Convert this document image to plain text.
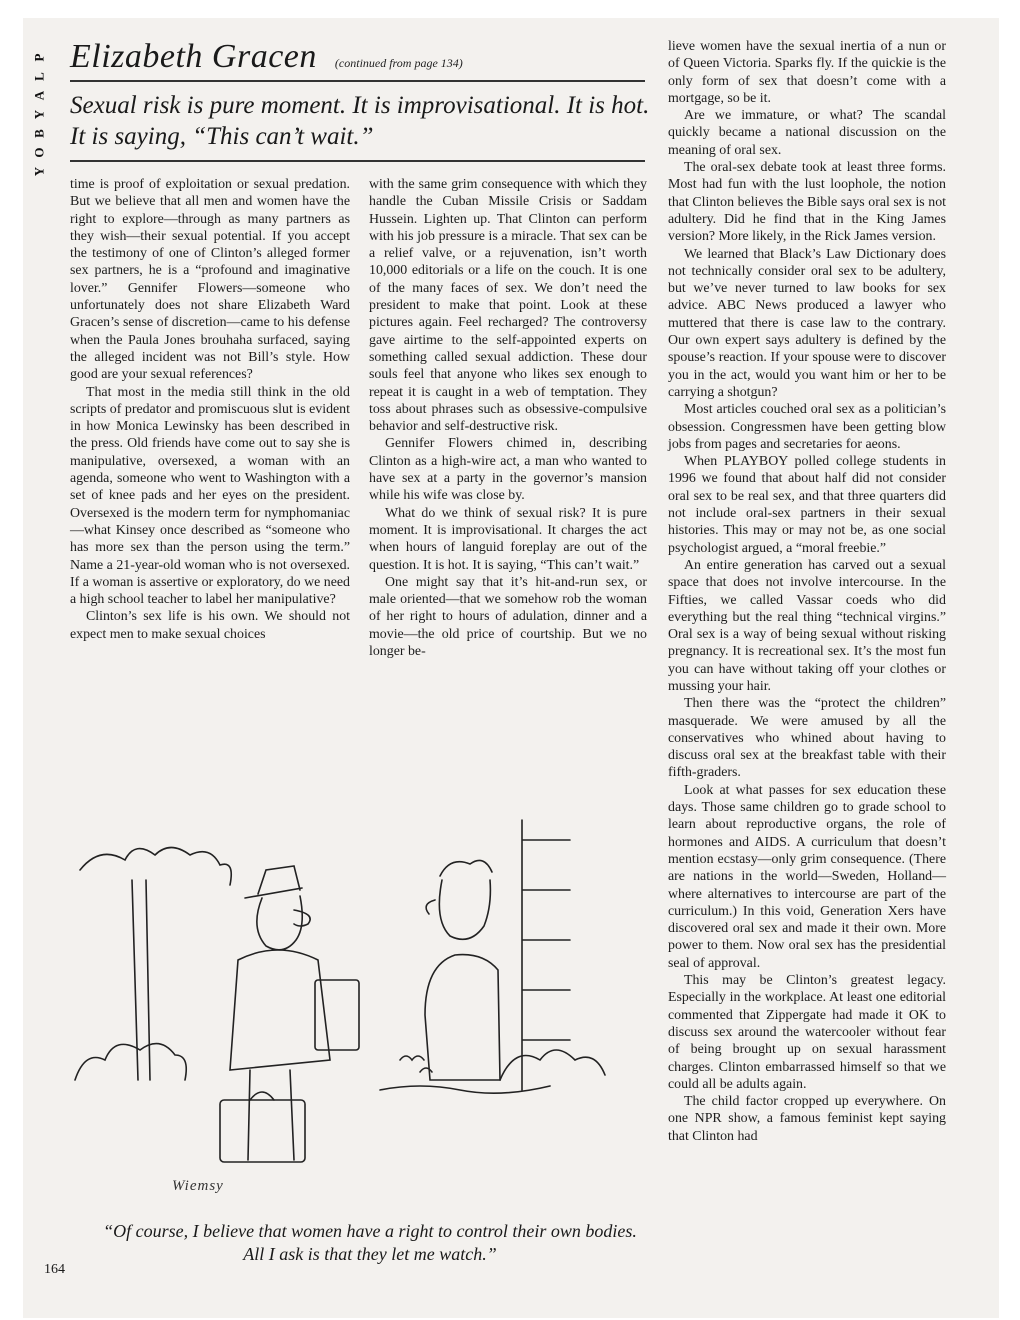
P
L
A
Y
B
O
Y
Elizabeth Gracen (continued from page 134)
Sexual risk is pure moment. It is improvisational. It is hot. It is saying, “This can’t wait.”

time is proof of exploitation or sexual predation. But we believe that all men and women have the right to explore—through as many partners as they wish—their sexual potential. If you accept the testimony of one of Clinton’s alleged former sex partners, he is a “profound and imaginative lover.” Gennifer Flowers—someone who unfortunately does not share Elizabeth Ward Gracen’s sense of discretion—came to his defense when the Paula Jones brouhaha surfaced, saying the alleged incident was not Bill’s style. How good are your sexual references?

That most in the media still think in the old scripts of predator and promiscuous slut is evident in how Monica Lewinsky has been described in the press. Old friends have come out to say she is manipulative, oversexed, a woman with an agenda, someone who went to Washington with a set of knee pads and her eyes on the president. Oversexed is the modern term for nymphomaniac—what Kinsey once described as “someone who has more sex than the person using the term.” Name a 21-year-old woman who is not oversexed. If a woman is assertive or exploratory, do we need a high school teacher to label her manipulative?

Clinton’s sex life is his own. We should not expect men to make sexual choices

with the same grim consequence with which they handle the Cuban Missile Crisis or Saddam Hussein. Lighten up. That Clinton can perform with his job pressure is a miracle. That sex can be a relief valve, or a rejuvenation, isn’t worth 10,000 editorials or a life on the couch. It is one of the many faces of sex. We don’t need the president to make that point. Look at these pictures again. Feel recharged? The controversy gave airtime to the self-appointed experts on something called sexual addiction. These dour souls feel that anyone who likes sex enough to repeat it is caught in a web of temptation. They toss about phrases such as obsessive-compulsive behavior and self-destructive risk.

Gennifer Flowers chimed in, describing Clinton as a high-wire act, a man who wanted to have sex at a party in the governor’s mansion while his wife was close by.

What do we think of sexual risk? It is pure moment. It is improvisational. It charges the act when hours of languid foreplay are out of the question. It is hot. It is saying, “This can’t wait.”

One might say that it’s hit-and-run sex, or male oriented—that we somehow rob the woman of her right to hours of adulation, dinner and a movie—the old price of courtship. But we no longer be-

lieve women have the sexual inertia of a nun or of Queen Victoria. Sparks fly. If the quickie is the only form of sex that doesn’t come with a mortgage, so be it.

Are we immature, or what? The scandal quickly became a national discussion on the meaning of oral sex.

The oral-sex debate took at least three forms. Most had fun with the lust loophole, the notion that Clinton believes the Bible says oral sex is not adultery. Did he find that in the King James version? More likely, in the Rick James version.

We learned that Black’s Law Dictionary does not technically consider oral sex to be adultery, but we’ve never turned to law books for sex advice. ABC News produced a lawyer who muttered that there is case law to the contrary. Our own expert says adultery is defined by the spouse’s reaction. If your spouse were to discover you in the act, would you want him or her to be carrying a shotgun?

Most articles couched oral sex as a politician’s obsession. Congressmen have been getting blow jobs from pages and secretaries for aeons.

When PLAYBOY polled college students in 1996 we found that about half did not consider oral sex to be real sex, and that three quarters did not include oral-sex partners in their sexual histories. This may or may not be, as one social psychologist argued, a “moral freebie.”

An entire generation has carved out a sexual space that does not involve intercourse. In the Fifties, we called Vassar coeds who did everything but the real thing “technical virgins.” Oral sex is a way of being sexual without risking pregnancy. It is recreational sex. It’s the most fun you can have without taking off your clothes or mussing your hair.

Then there was the “protect the children” masquerade. We were amused by all the conservatives who whined about having to discuss oral sex at the breakfast table with their fifth-graders.

Look at what passes for sex education these days. Those same children go to grade school to learn about reproductive organs, the role of hormones and AIDS. A curriculum that doesn’t mention ecstasy—only grim consequence. (There are nations in the world—Sweden, Holland—where alternatives to intercourse are part of the curriculum.) In this void, Generation Xers have discovered oral sex and made it their own. More power to them. Now oral sex has the presidential seal of approval.

This may be Clinton’s greatest legacy. Especially in the workplace. At least one editorial commented that Zippergate had made it OK to discuss sex around the watercooler without fear of being brought up on sexual harassment charges. Clinton embarrassed himself so that we could all be adults again.

The child factor cropped up everywhere. On one NPR show, a famous feminist kept saying that Clinton had

Wiemsy
“Of course, I believe that women have a right to control their own bodies. All I ask is that they let me watch.”
164
